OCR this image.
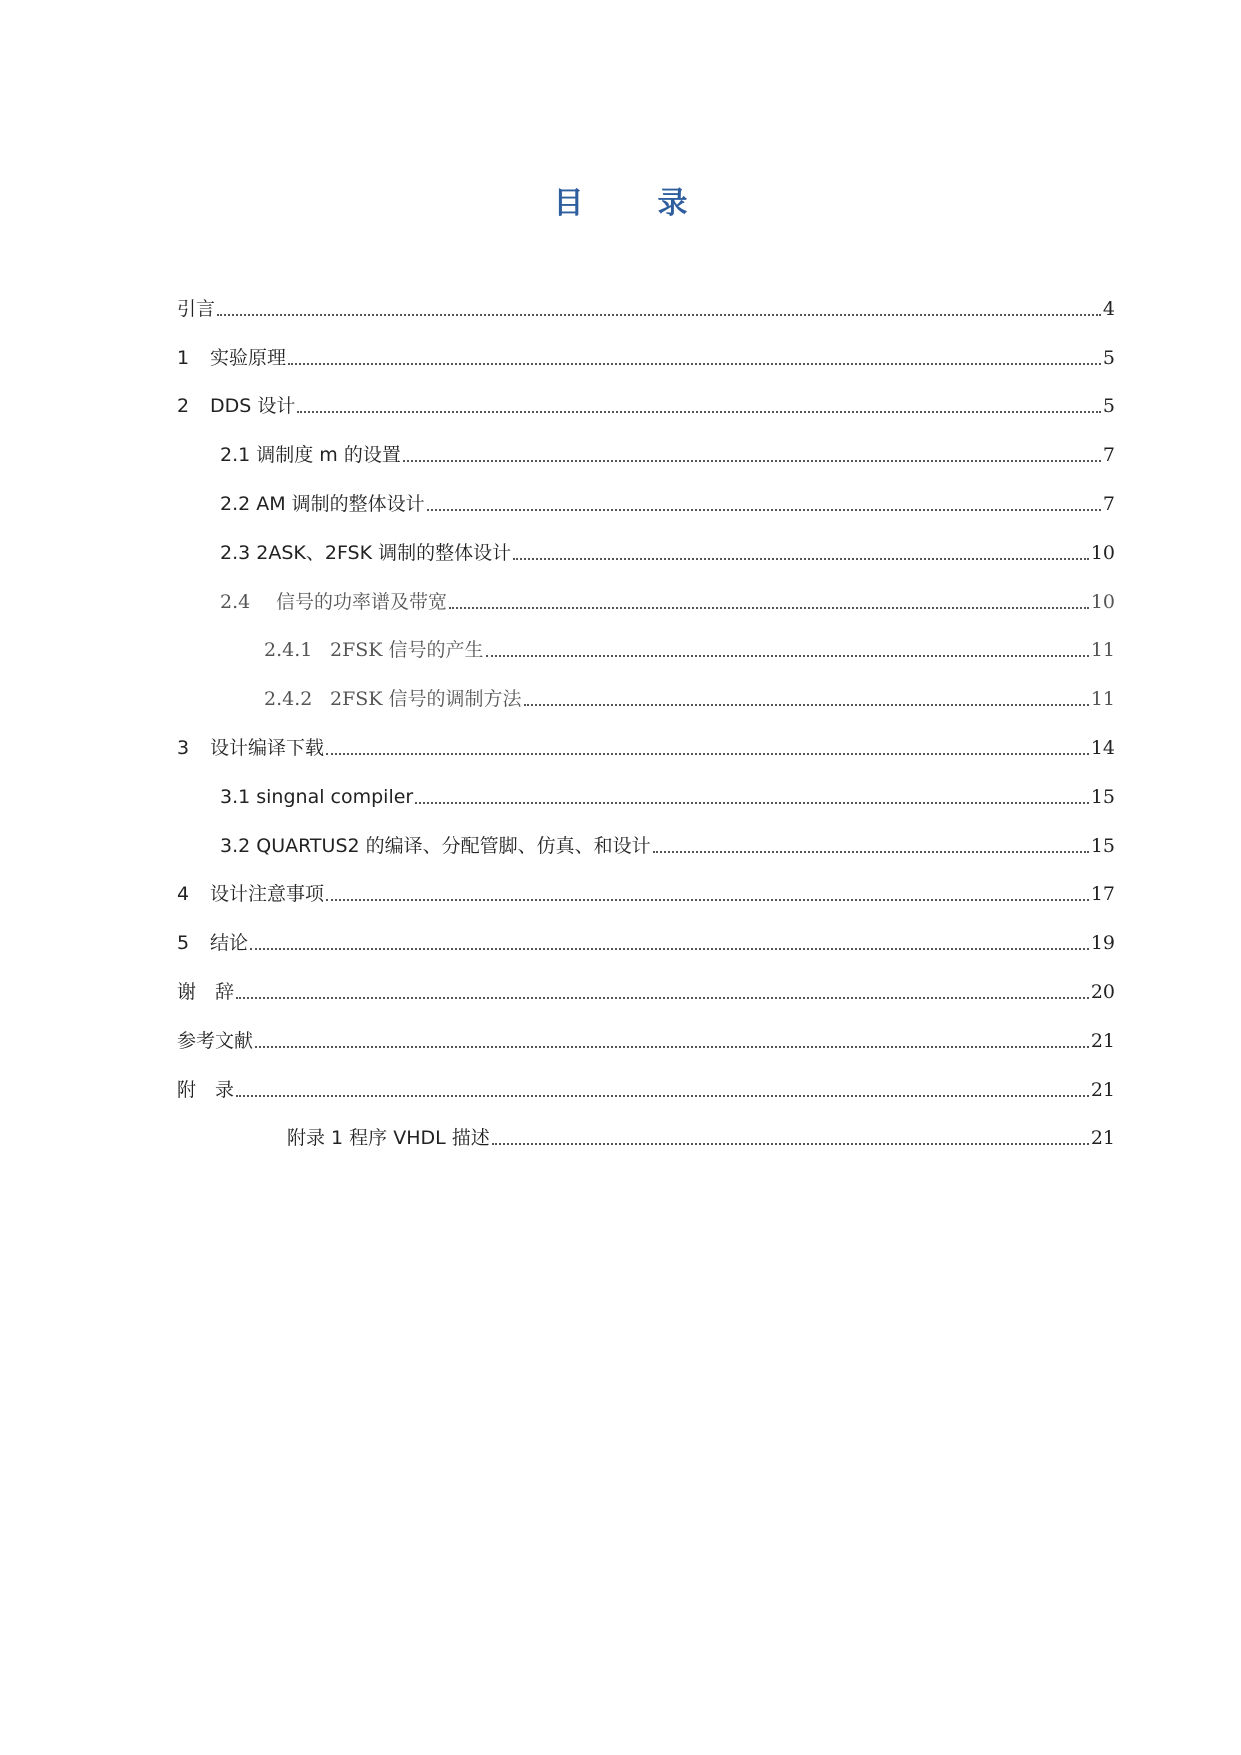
目　录
引言	4
1	实验原理	5
2	DDS 设计	5
2.1 调制度 m 的设置	7
2.2 AM 调制的整体设计	7
2.3 2ASK、2FSK 调制的整体设计	10
2.4	信号的功率谱及带宽	10
2.4.1 2FSK 信号的产生	11
2.4.2 2FSK 信号的调制方法	11
3	设计编译下载	14
3.1 singnal compiler	15
3.2 QUARTUS2 的编译、分配管脚、仿真、和设计	15
4	设计注意事项	17
5	结论	19
谢　辞	20
参考文献	21
附　录	21
附录 1 程序 VHDL 描述	21
